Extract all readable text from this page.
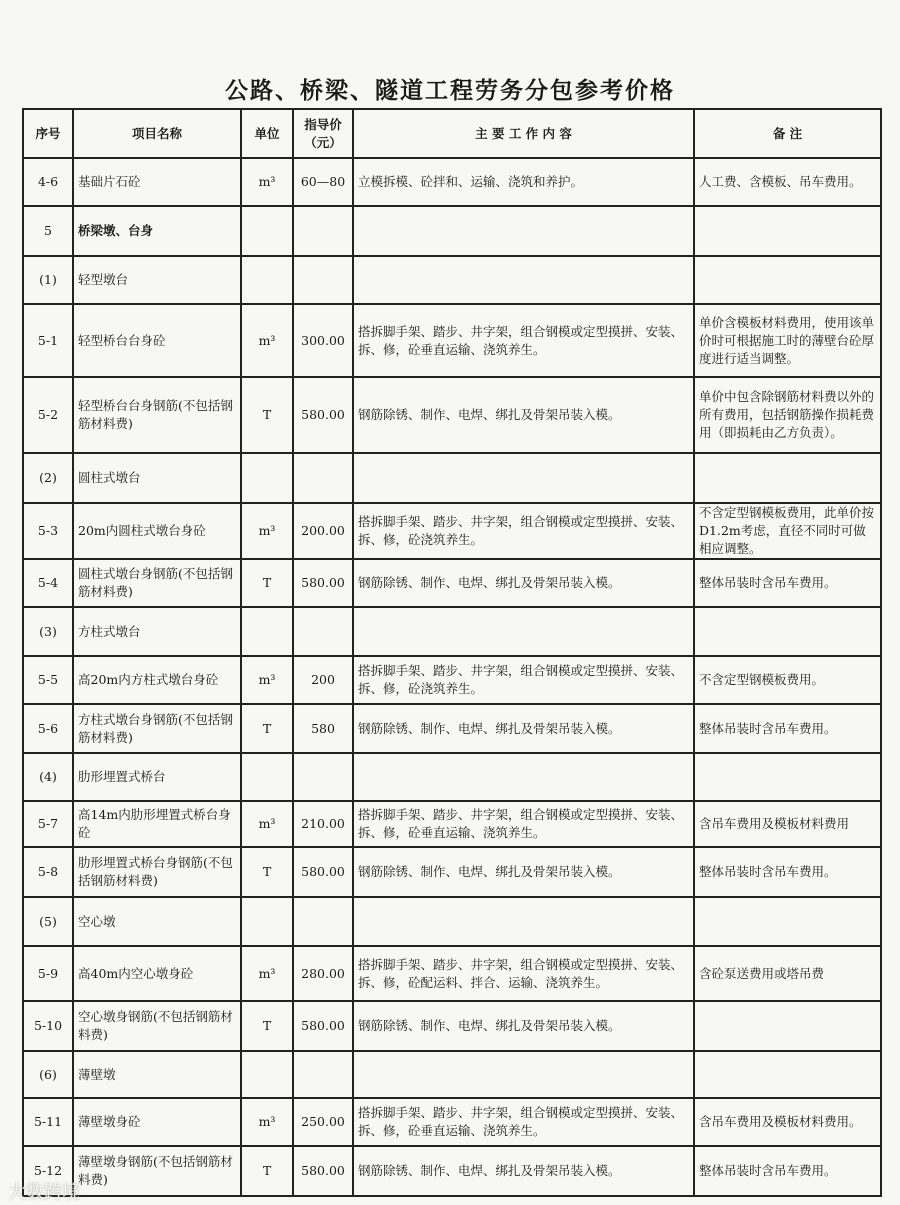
公路、桥梁、隧道工程劳务分包参考价格
序号	项目名称	单位	指导价（元）	主 要 工 作 内 容	备 注
4-6	基础片石砼	m³	60—80	立模拆模、砼拌和、运输、浇筑和养护。	人工费、含模板、吊车费用。
5	桥梁墩、台身				
(1)	轻型墩台				
5-1	轻型桥台台身砼	m³	300.00	搭拆脚手架、踏步、井字架，组合钢模或定型摸拼、安装、拆、修，砼垂直运输、浇筑养生。	单价含模板材料费用，使用该单价时可根据施工时的薄壁台砼厚度进行适当调整。
5-2	轻型桥台台身钢筋(不包括钢筋材料费)	T	580.00	钢筋除锈、制作、电焊、绑扎及骨架吊装入模。	单价中包含除钢筋材料费以外的所有费用，包括钢筋操作损耗费用（即损耗由乙方负责）。
(2)	圆柱式墩台				
5-3	20m内圆柱式墩台身砼	m³	200.00	搭拆脚手架、踏步、井字架，组合钢模或定型摸拼、安装、拆、修，砼浇筑养生。	不含定型钢模板费用，此单价按D1.2m考虑，直径不同时可做相应调整。
5-4	圆柱式墩台身钢筋(不包括钢筋材料费)	T	580.00	钢筋除锈、制作、电焊、绑扎及骨架吊装入模。	整体吊装时含吊车费用。
(3)	方柱式墩台				
5-5	高20m内方柱式墩台身砼	m³	200	搭拆脚手架、踏步、井字架，组合钢模或定型摸拼、安装、拆、修，砼浇筑养生。	不含定型钢模板费用。
5-6	方柱式墩台身钢筋(不包括钢筋材料费)	T	580	钢筋除锈、制作、电焊、绑扎及骨架吊装入模。	整体吊装时含吊车费用。
(4)	肋形埋置式桥台				
5-7	高14m内肋形埋置式桥台身砼	m³	210.00	搭拆脚手架、踏步、井字架，组合钢模或定型摸拼、安装、拆、修，砼垂直运输、浇筑养生。	含吊车费用及模板材料费用
5-8	肋形埋置式桥台身钢筋(不包括钢筋材料费)	T	580.00	钢筋除锈、制作、电焊、绑扎及骨架吊装入模。	整体吊装时含吊车费用。
(5)	空心墩				
5-9	高40m内空心墩身砼	m³	280.00	搭拆脚手架、踏步、井字架，组合钢模或定型摸拼、安装、拆、修，砼配运料、拌合、运输、浇筑养生。	含砼泵送费用或塔吊费
5-10	空心墩身钢筋(不包括钢筋材料费)	T	580.00	钢筋除锈、制作、电焊、绑扎及骨架吊装入模。	
(6)	薄壁墩				
5-11	薄壁墩身砼	m³	250.00	搭拆脚手架、踏步、井字架，组合钢模或定型摸拼、安装、拆、修，砼垂直运输、浇筑养生。	含吊车费用及模板材料费用。
5-12	薄壁墩身钢筋(不包括钢筋材料费)	T	580.00	钢筋除锈、制作、电焊、绑扎及骨架吊装入模。	整体吊装时含吊车费用。
大数跨境
